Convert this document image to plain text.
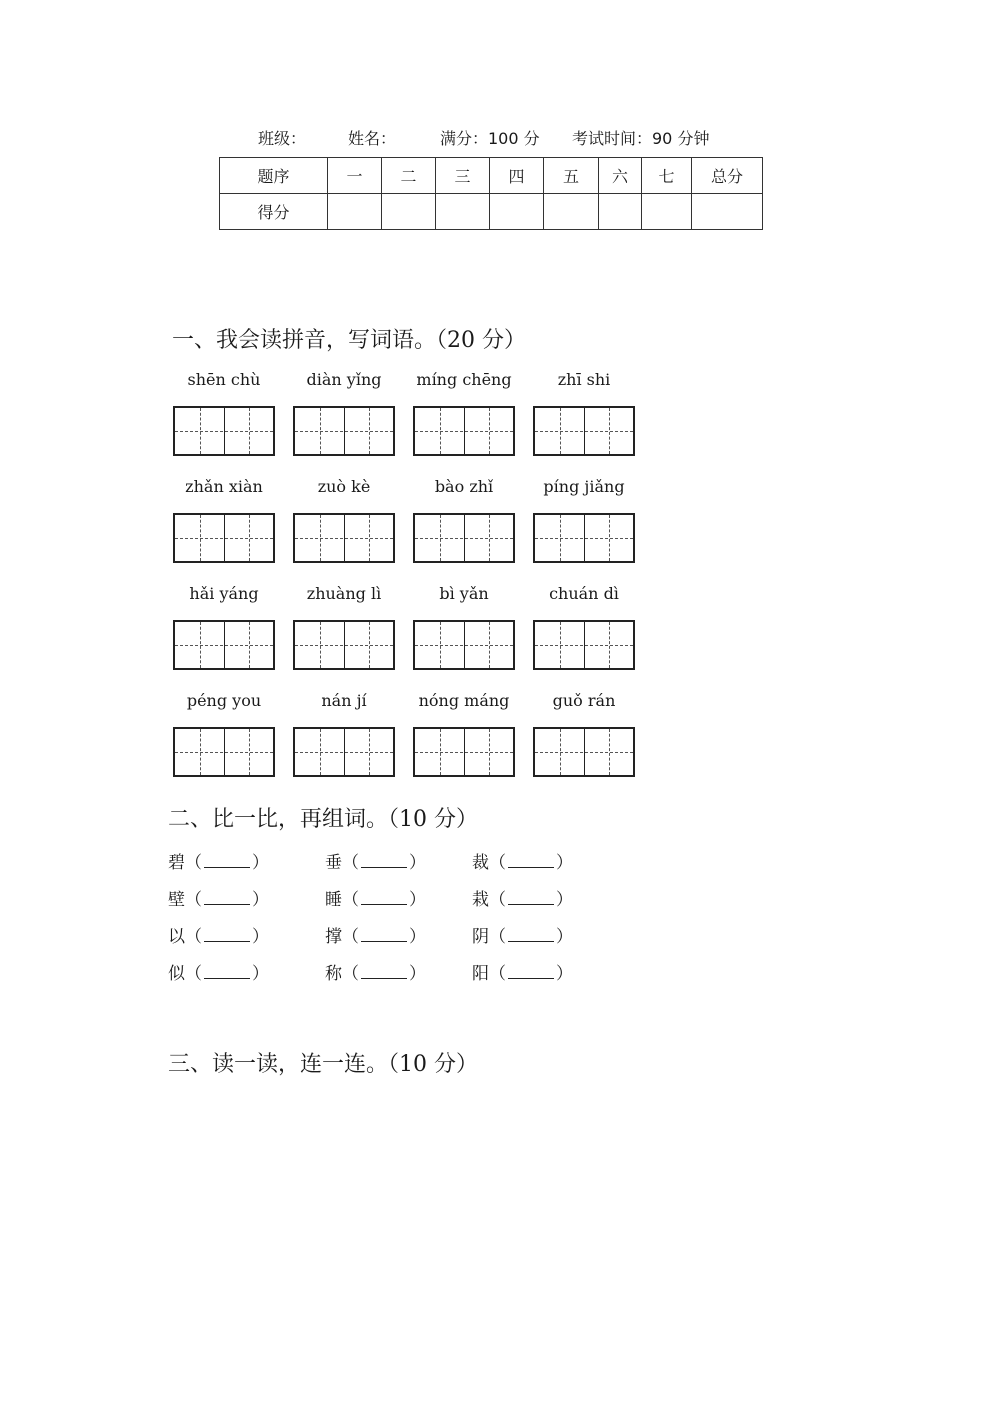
班级：	姓名：	满分：100 分 考试时间：90 分钟
题序	一	二	三	四	五	六	七	总分
得分								
一、我会读拼音，写词语。（20 分）
shēn chù	diàn yǐng	míng chēng	zhī shi
zhǎn xiàn	zuò kè	bào zhǐ	píng jiǎng
hǎi yáng	zhuàng lì	bì yǎn	chuán dì
péng you	nán jí	nóng máng	guǒ rán
二、比一比，再组词。（10 分）
碧（	）	垂（	）	裁（	）
壁（	）	睡（	）	栽（	）
以（	）	撑（	）	阴（	）
似（	）	称（	）	阳（	）
三、读一读，连一连。（10 分）
